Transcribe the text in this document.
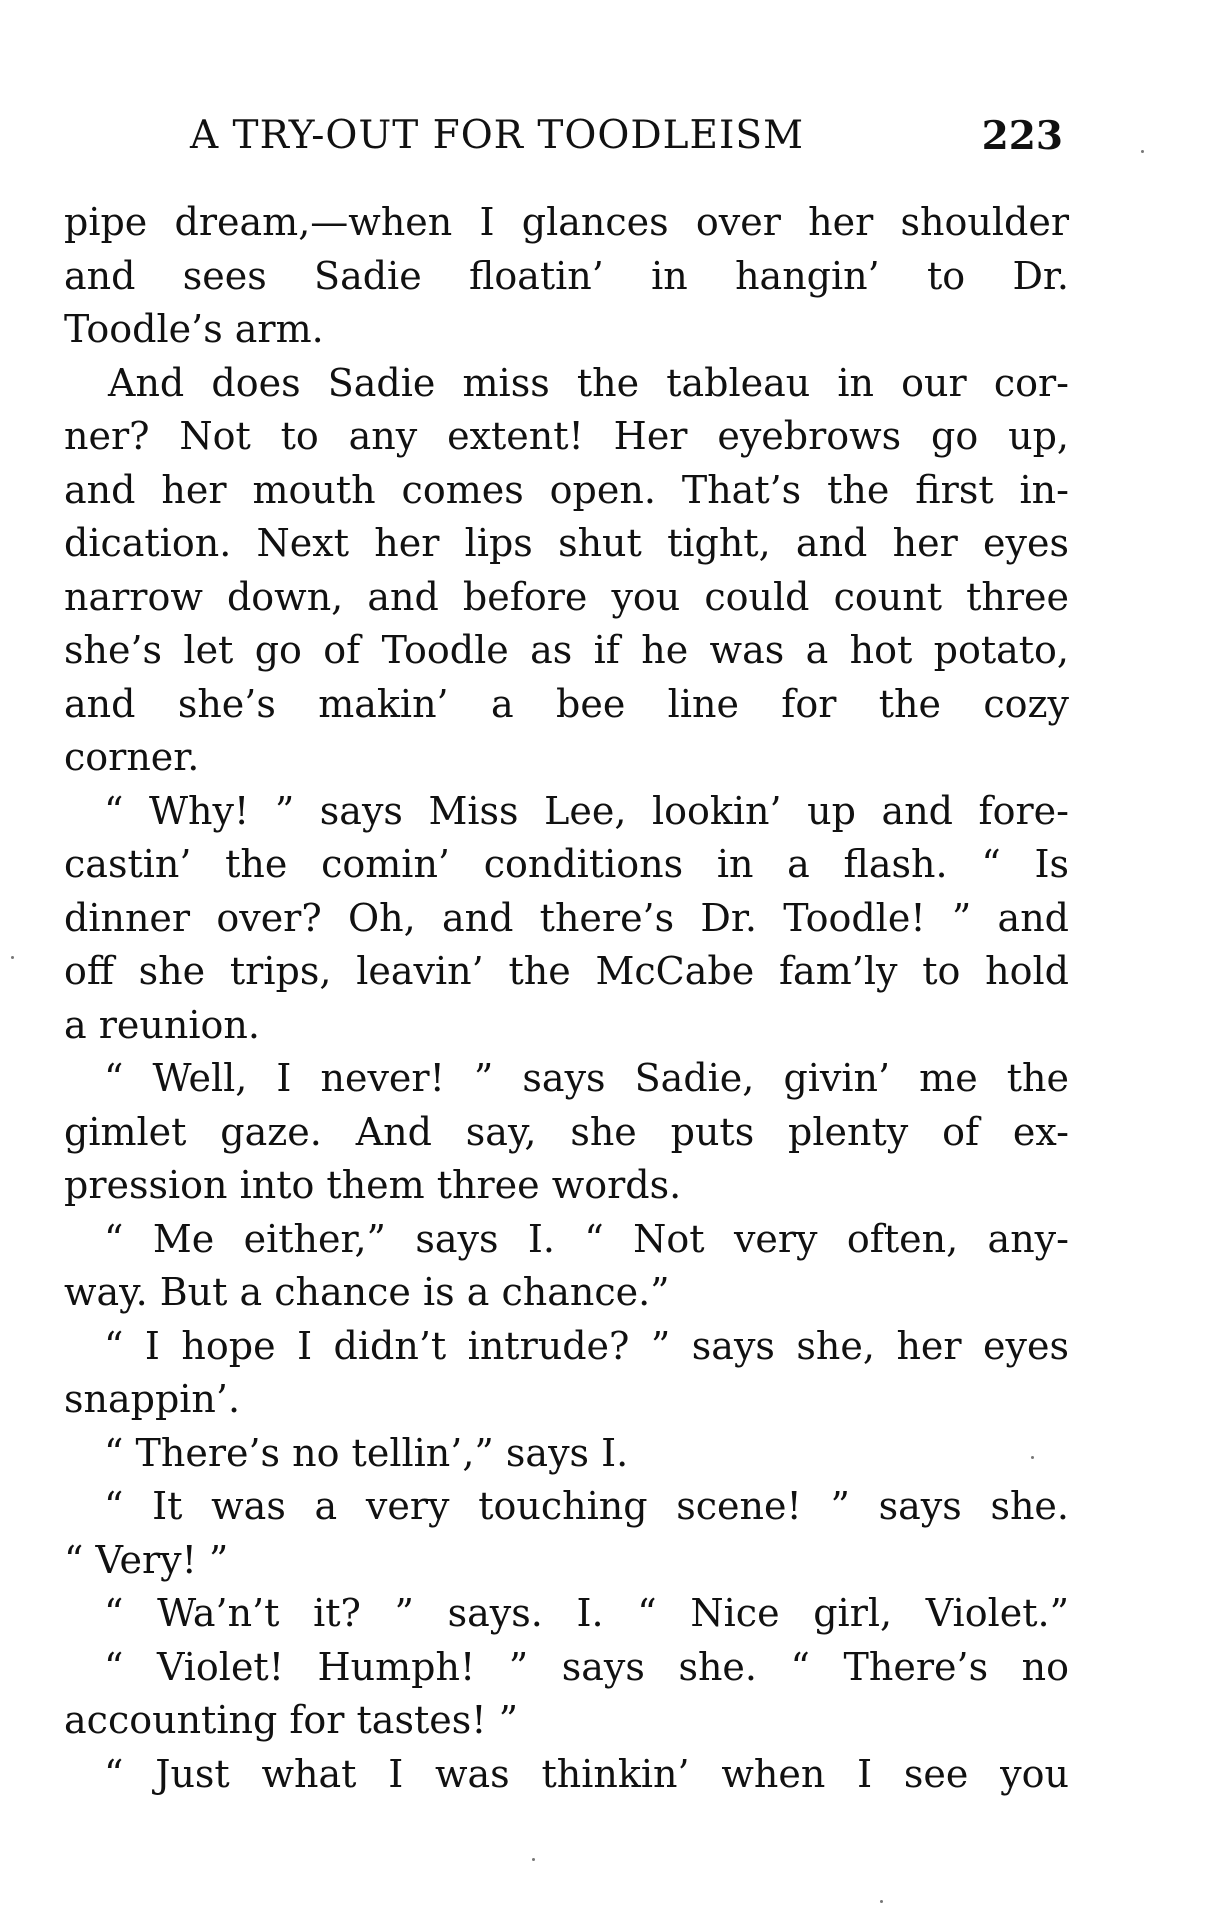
A TRY-OUT FOR TOODLEISM	223
pipe dream,—when I glances over her shoulder
and sees Sadie floatin’ in hangin’ to Dr.
Toodle’s arm.
And does Sadie miss the tableau in our cor-
ner? Not to any extent! Her eyebrows go up,
and her mouth comes open. That’s the first in-
dication. Next her lips shut tight, and her eyes
narrow down, and before you could count three
she’s let go of Toodle as if he was a hot potato,
and she’s makin’ a bee line for the cozy
corner.
“ Why! ” says Miss Lee, lookin’ up and fore-
castin’ the comin’ conditions in a flash. “ Is
dinner over? Oh, and there’s Dr. Toodle! ” and
off she trips, leavin’ the McCabe fam’ly to hold
a reunion.
“ Well, I never! ” says Sadie, givin’ me the
gimlet gaze. And say, she puts plenty of ex-
pression into them three words.
“ Me either,” says I. “ Not very often, any-
way. But a chance is a chance.”
“ I hope I didn’t intrude? ” says she, her eyes
snappin’.
“ There’s no tellin’,” says I.
“ It was a very touching scene! ” says she.
“ Very! ”
“ Wa’n’t it? ” says. I. “ Nice girl, Violet.”
“ Violet! Humph! ” says she. “ There’s no
accounting for tastes! ”
“ Just what I was thinkin’ when I see you
